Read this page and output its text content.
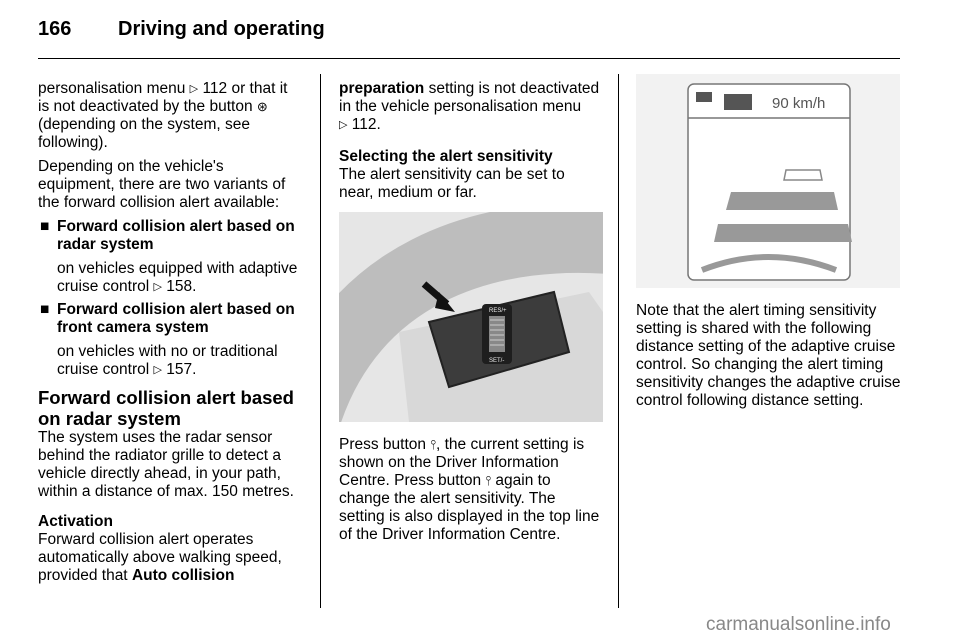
166 Driving and operating

personalisation menu ▷ 112 or that it is not deactivated by the button ⊛ (depending on the system, see following).

Depending on the vehicle's equipment, there are two variants of the forward collision alert available:

■ Forward collision alert based on radar system
on vehicles equipped with adaptive cruise control ▷ 158.
■ Forward collision alert based on front camera system
on vehicles with no or traditional cruise control ▷ 157.
Forward collision alert based on radar system

The system uses the radar sensor behind the radiator grille to detect a vehicle directly ahead, in your path, within a distance of max. 150 metres.

Activation

Forward collision alert operates automatically above walking speed, provided that Auto collision

preparation setting is not deactivated in the vehicle personalisation menu
▷ 112.

Selecting the alert sensitivity

The alert sensitivity can be set to near, medium or far.

RES/+
SET/-

Press button ⫯, the current setting is shown on the Driver Information Centre. Press button ⫯ again to change the alert sensitivity. The setting is also displayed in the top line of the Driver Information Centre.

90 km/h

Note that the alert timing sensitivity setting is shared with the following distance setting of the adaptive cruise control. So changing the alert timing sensitivity changes the adaptive cruise control following distance setting.

carmanualsonline.info
